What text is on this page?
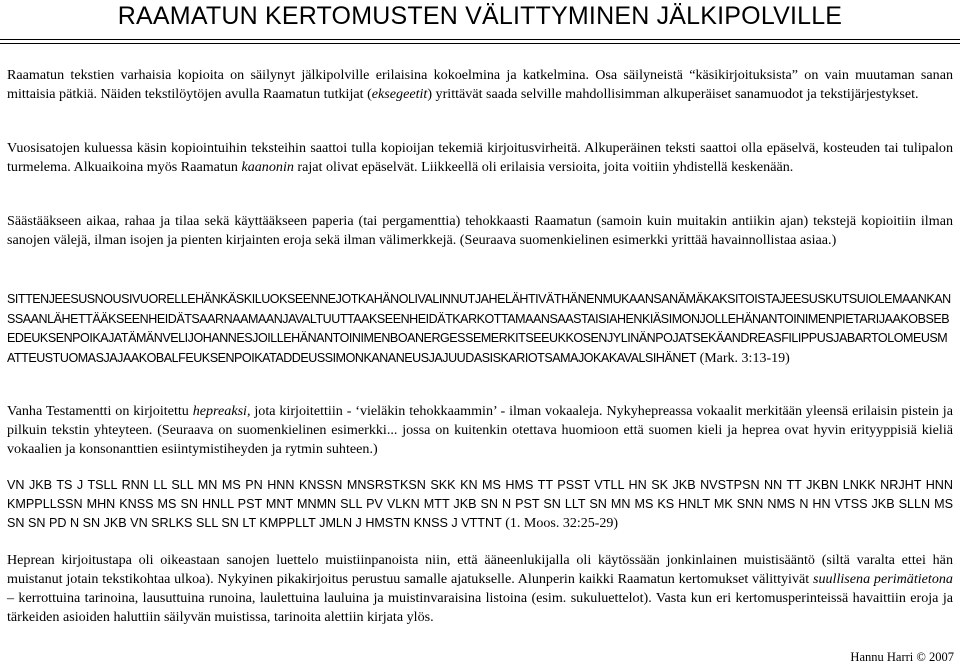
RAAMATUN KERTOMUSTEN VÄLITTYMINEN JÄLKIPOLVILLE

Raamatun tekstien varhaisia kopioita on säilynyt jälkipolville erilaisina kokoelmina ja katkelmina. Osa säilyneistä “käsikirjoituksista” on vain muutaman sanan mittaisia pätkiä. Näiden tekstilöytöjen avulla Raamatun tutkijat (eksegeetit) yrittävät saada selville mahdollisimman alkuperäiset sanamuodot ja tekstijärjestykset.

Vuosisatojen kuluessa käsin kopiointuihin teksteihin saattoi tulla kopioijan tekemiä kirjoitusvirheitä. Alkuperäinen teksti saattoi olla epäselvä, kosteuden tai tulipalon turmelema. Alkuaikoina myös Raamatun kaanonin rajat olivat epäselvät. Liikkeellä oli erilaisia versioita, joita voitiin yhdistellä keskenään.

Säästääkseen aikaa, rahaa ja tilaa sekä käyttääkseen paperia (tai pergamenttia) tehokkaasti Raamatun (samoin kuin muitakin antiikin ajan) tekstejä kopioitiin ilman sanojen välejä, ilman isojen ja pienten kirjainten eroja sekä ilman välimerkkejä. (Seuraava suomenkielinen esimerkki yrittää havainnollistaa asiaa.)

SITTENJEESUSNOUSIVUORELLEHÄNKÄSKILUOKSEENNEJOTKAHÄNOLIVALINNUTJAHELÄHTIVÄTHÄNENMUKAANSANÄMÄKAKSITOISTAJEESUSKUTSUIOLEMAANKANSSAANLÄHETTÄÄKSEENHEIDÄTSAARNAAMAANJAVALTUUTTAAKSEENHEIDÄTKARKOTTAMAANSAASTAISIAHENKIÄSIMONJOLLEHÄNANTOINIMENPIETARIJAAKOBSEBEDEUKSENPOIKAJATÄMÄNVELIJOHANNESJOILLEHÄNANTOINIMENBOANERGESSEMERKITSEEUKKOSENJYLINÄNPOJATSEKÄANDREASFILIPPUSJABARTOLOMEUSMATTEUSTUOMASJAJAAKOBALFEUKSENPOIKATADDEUSSIMONKANANEUSJAJUUDASISKARIOTSAMAJOKAKAVALSIHÄNET (Mark. 3:13-19)

Vanha Testamentti on kirjoitettu hepreaksi, jota kirjoitettiin - ‘vieläkin tehokkaammin’ - ilman vokaaleja. Nykyhepreassa vokaalit merkitään yleensä erilaisin pistein ja pilkuin tekstin yhteyteen. (Seuraava on suomenkielinen esimerkki... jossa on kuitenkin otettava huomioon että suomen kieli ja heprea ovat hyvin erityyppisiä kieliä vokaalien ja konsonanttien esiintymistiheyden ja rytmin suhteen.)

VN JKB TS J TSLL RNN LL SLL MN MS PN HNN KNSSN MNSRSTKSN SKK KN MS HMS TT PSST VTLL HN SK JKB NVSTPSN NN TT JKBN LNKK NRJHT HNN KMPPLLSSN MHN KNSS MS SN HNLL PST MNT MNMN SLL PV VLKN MTT JKB SN N PST SN LLT SN MN MS KS HNLT MK SNN NMS N HN VTSS JKB SLLN MS SN SN PD N SN JKB VN SRLKS SLL SN LT KMPPLLT JMLN J HMSTN KNSS J VTTNT (1. Moos. 32:25-29)

Heprean kirjoitustapa oli oikeastaan sanojen luettelo muistiinpanoista niin, että ääneenlukijalla oli käytössään jonkinlainen muistisääntö (siltä varalta ettei hän muistanut jotain tekstikohtaa ulkoa). Nykyinen pikakirjoitus perustuu samalle ajatukselle. Alunperin kaikki Raamatun kertomukset välittyivät suullisena perimätietona – kerrottuina tarinoina, lausuttuina runoina, laulettuina lauluina ja muistinvaraisina listoina (esim. sukuluettelot). Vasta kun eri kertomusperinteissä havaittiin eroja ja tärkeiden asioiden haluttiin säilyvän muistissa, tarinoita alettiin kirjata ylös.

Hannu Harri © 2007
